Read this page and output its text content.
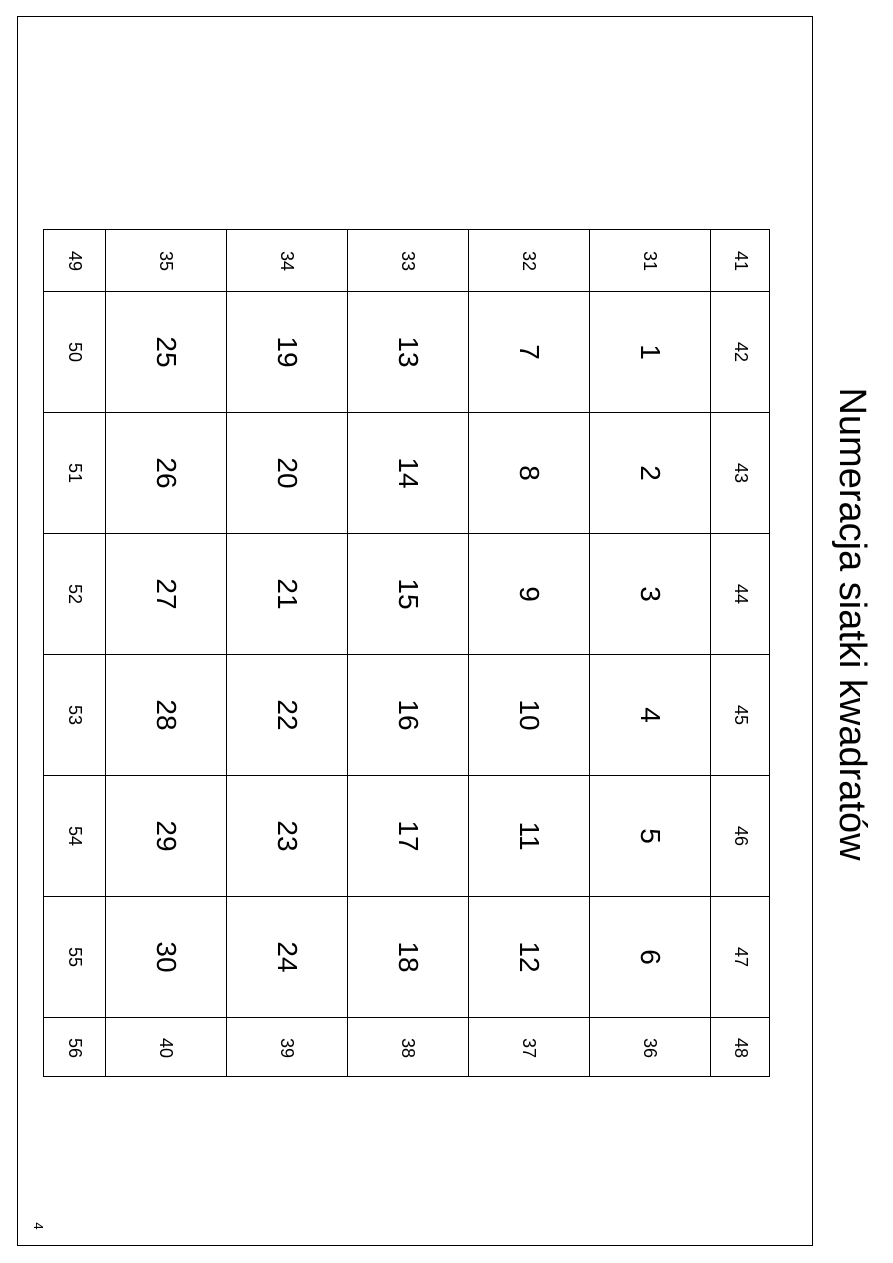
Numeracja siatki kwadratów
4
41
42
43
44
45
46
47
48
49
50
51
52
53
54
55
56
31
32
33
34
35
36
37
38
39
40
1
2
3
4
5
6
7
8
9
10
11
12
13
14
15
16
17
18
19
20
21
22
23
24
25
26
27
28
29
30
